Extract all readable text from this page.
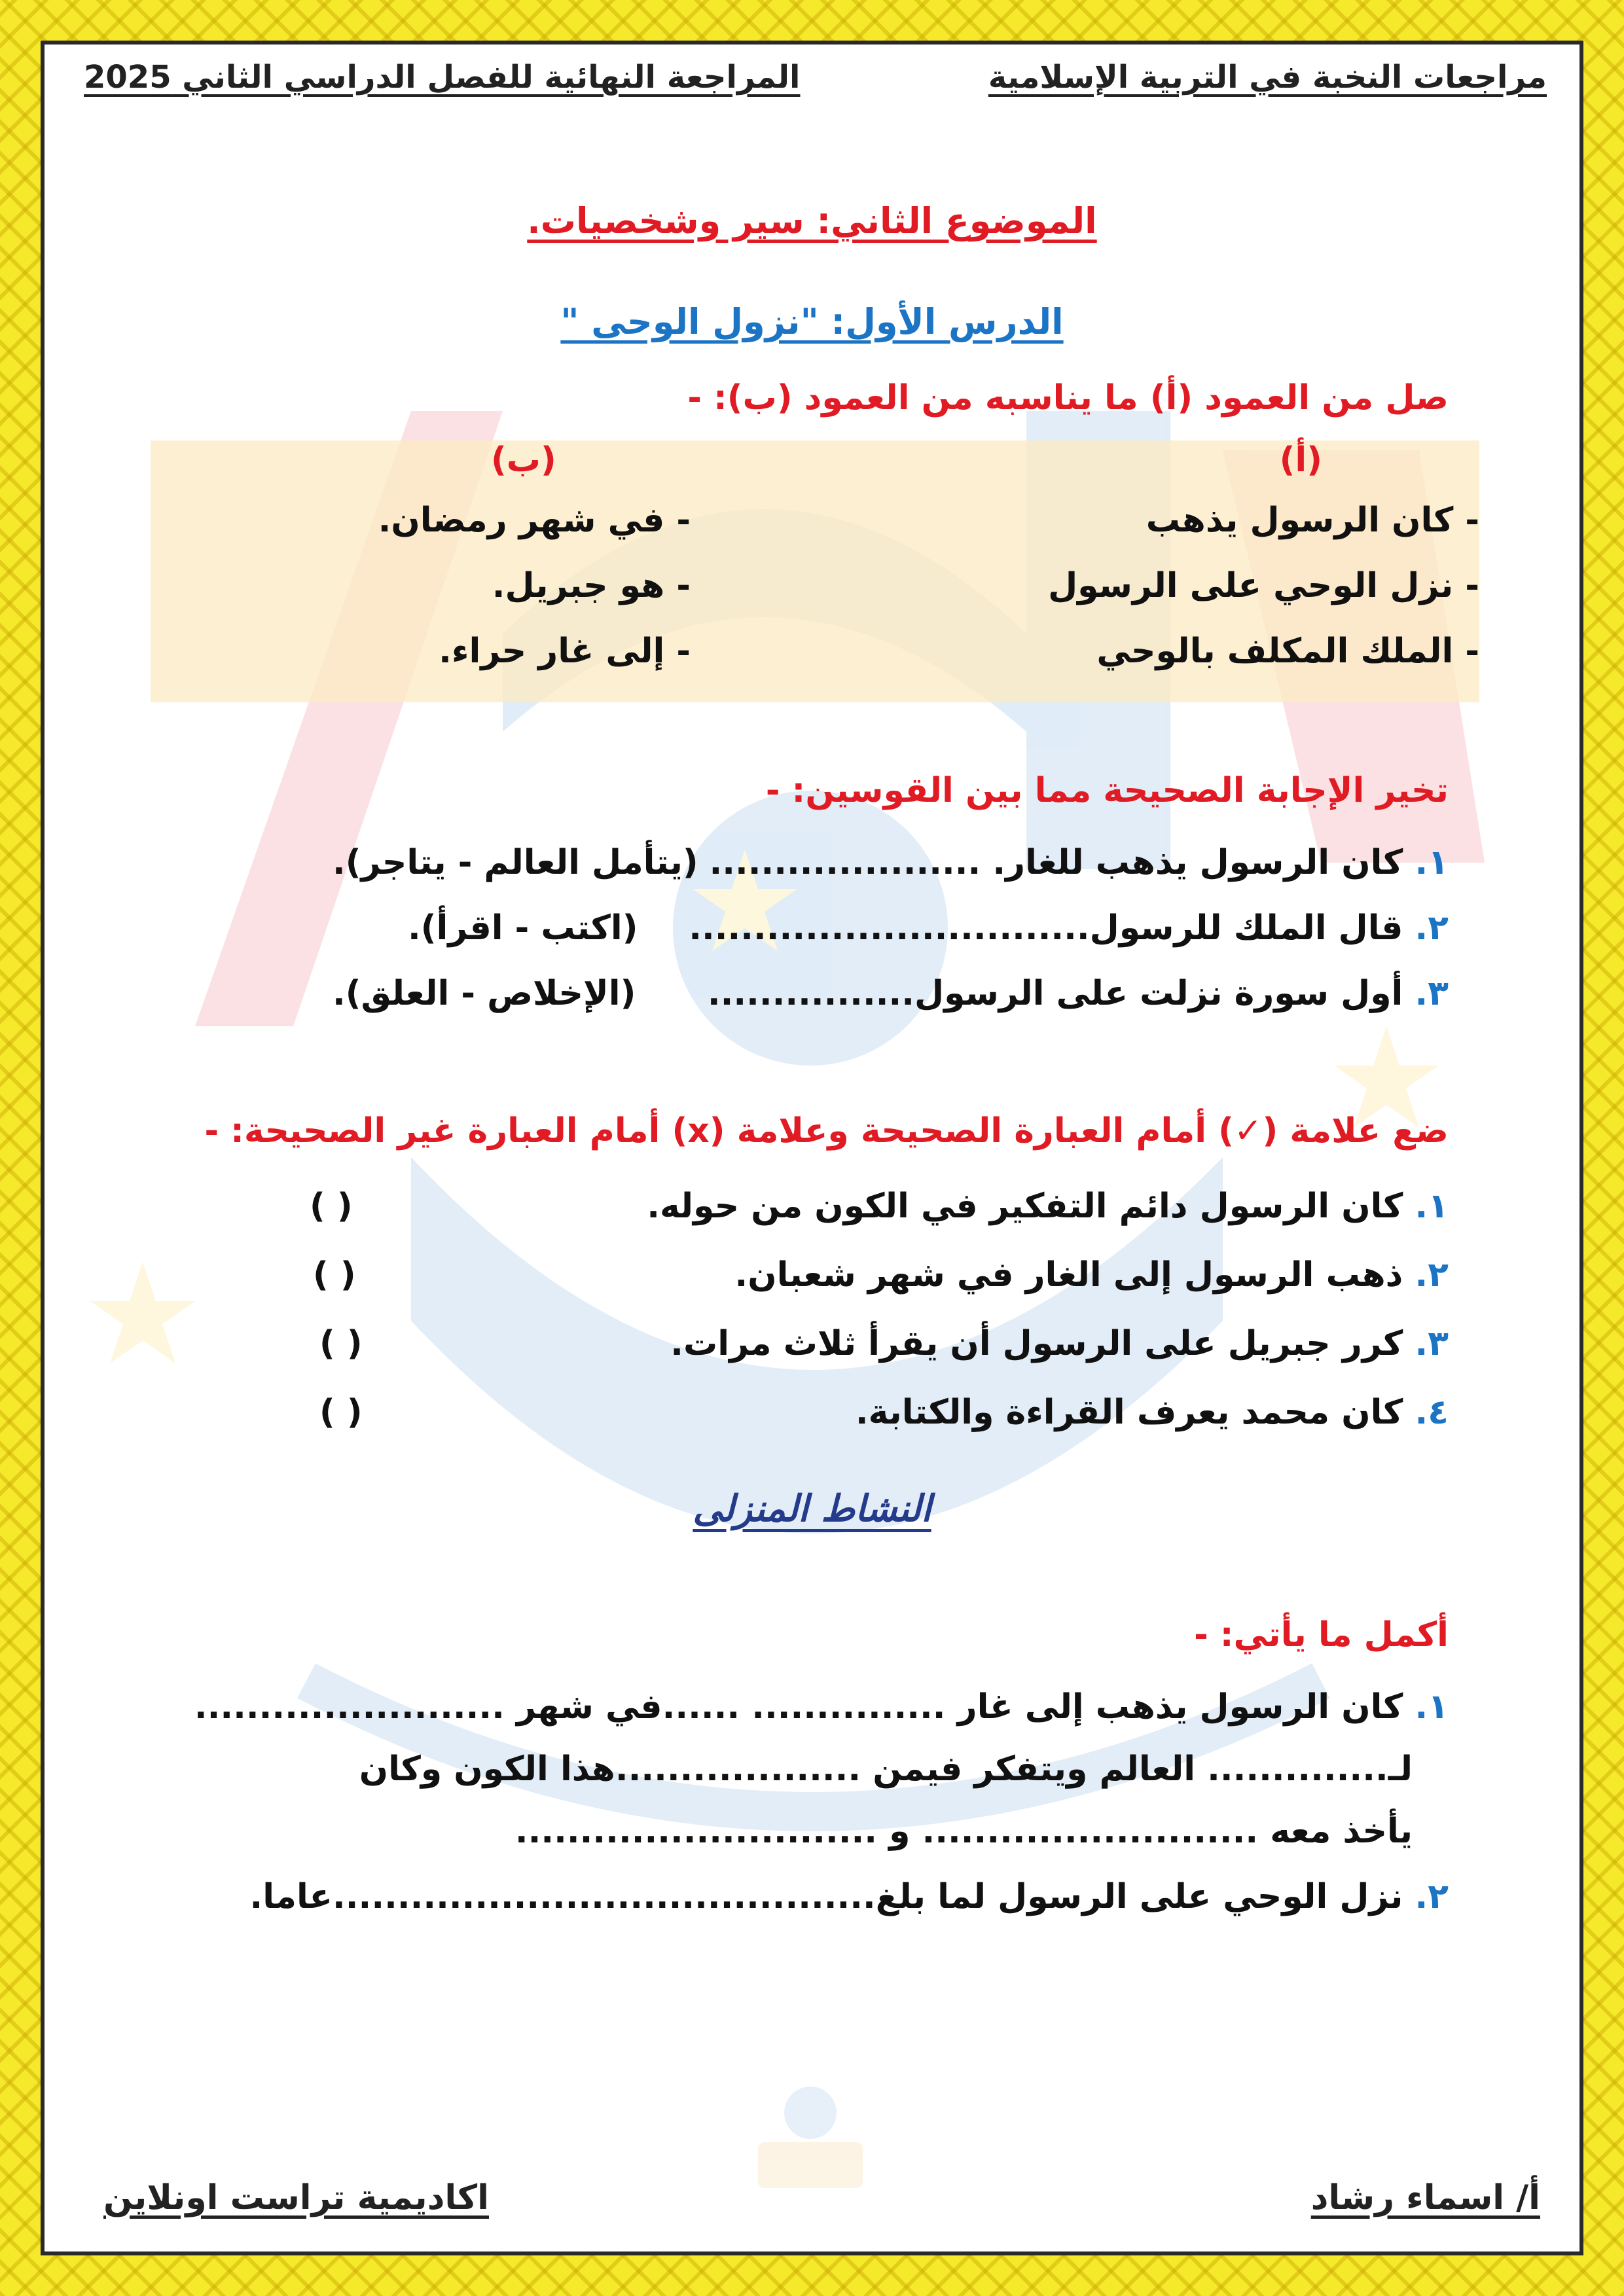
مراجعات النخبة في التربية الإسلامية
المراجعة النهائية للفصل الدراسي الثاني 2025
الموضوع الثاني: سير وشخصيات.
الدرس الأول: "نزول الوحى "
صل من العمود (أ) ما يناسبه من العمود (ب): -
(أ)
(ب)
- كان الرسول يذهب
- نزل الوحي على الرسول
- الملك المكلف بالوحي
- في شهر رمضان.
- هو جبريل.
- إلى غار حراء.
تخير الإجابة الصحيحة مما بين القوسين: -
١. كان الرسول يذهب للغار. .....................
(يتأمل العالم - يتاجر).
٢. قال الملك للرسول...............................
(اكتب - اقرأ).
٣. أول سورة نزلت على الرسول................
(الإخلاص - العلق).
ضع علامة (✓) أمام العبارة الصحيحة وعلامة (x) أمام العبارة غير الصحيحة: -
١. كان الرسول دائم التفكير في الكون من حوله.
( )
٢. ذهب الرسول إلى الغار في شهر شعبان.
( )
٣. كرر جبريل على الرسول أن يقرأ ثلاث مرات.
( )
٤. كان محمد يعرف القراءة والكتابة.
( )
النشاط المنزلى
أكمل ما يأتي: -
١. كان الرسول يذهب إلى غار ............... ......في شهر ........................
لـ.............. العالم ويتفكر فيمن ...................هذا الكون وكان
يأخذ معه .......................... و ............................
٢. نزل الوحي على الرسول لما بلغ..........................................عاما.
أ/ اسماء رشاد
اكاديمية تراست اونلاين
